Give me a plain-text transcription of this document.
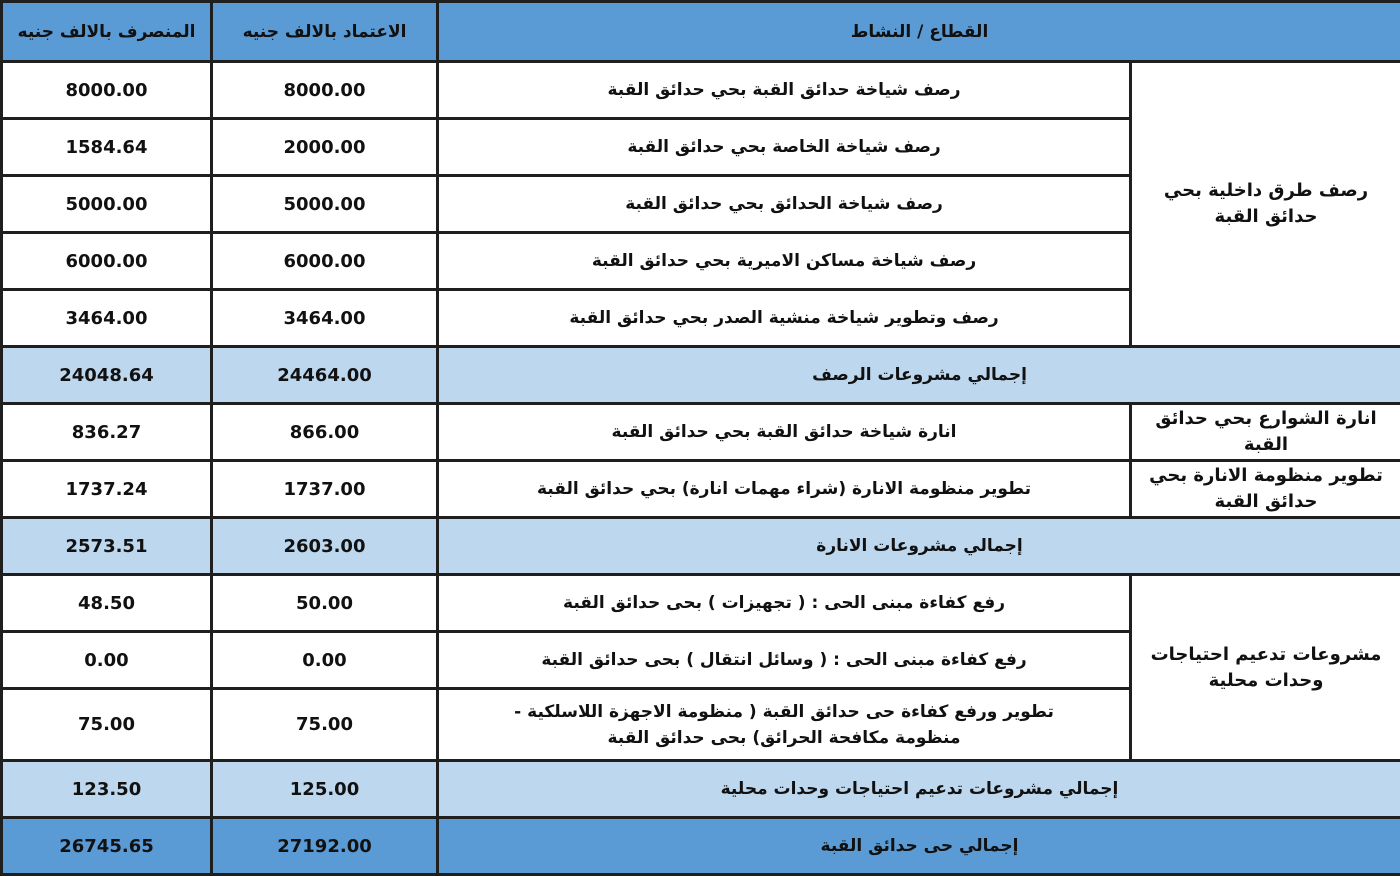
المنصرف بالالف جنيه	الاعتماد بالالف جنيه	القطاع / النشاط	
8000.00	8000.00	رصف شياخة حدائق القبة بحي حدائق القبة	رصف طرق داخلية بحي حدائق القبة
1584.64	2000.00	رصف شياخة الخاصة بحي حدائق القبة	
5000.00	5000.00	رصف شياخة الحدائق بحي حدائق القبة	
6000.00	6000.00	رصف شياخة مساكن الاميرية بحي حدائق القبة	
3464.00	3464.00	رصف وتطوير شياخة منشية الصدر بحي حدائق القبة	
24048.64	24464.00	إجمالي مشروعات الرصف	
836.27	866.00	انارة شياخة حدائق القبة بحي حدائق القبة	انارة الشوارع بحي حدائق القبة
1737.24	1737.00	تطوير منظومة الانارة (شراء مهمات انارة) بحي حدائق القبة	تطوير منظومة الانارة بحي حدائق القبة
2573.51	2603.00	إجمالي مشروعات الانارة	
48.50	50.00	رفع كفاءة مبنى الحى : ( تجهيزات ) بحى حدائق القبة	مشروعات تدعيم احتياجات وحدات محلية
0.00	0.00	رفع كفاءة مبنى الحى : ( وسائل انتقال ) بحى حدائق القبة	
75.00	75.00	تطوير ورفع كفاءة حى حدائق القبة ( منظومة الاجهزة اللاسلكية - منظومة مكافحة الحرائق) بحى حدائق القبة	
123.50	125.00	إجمالي مشروعات تدعيم احتياجات وحدات محلية	
26745.65	27192.00	إجمالي حى حدائق القبة	
